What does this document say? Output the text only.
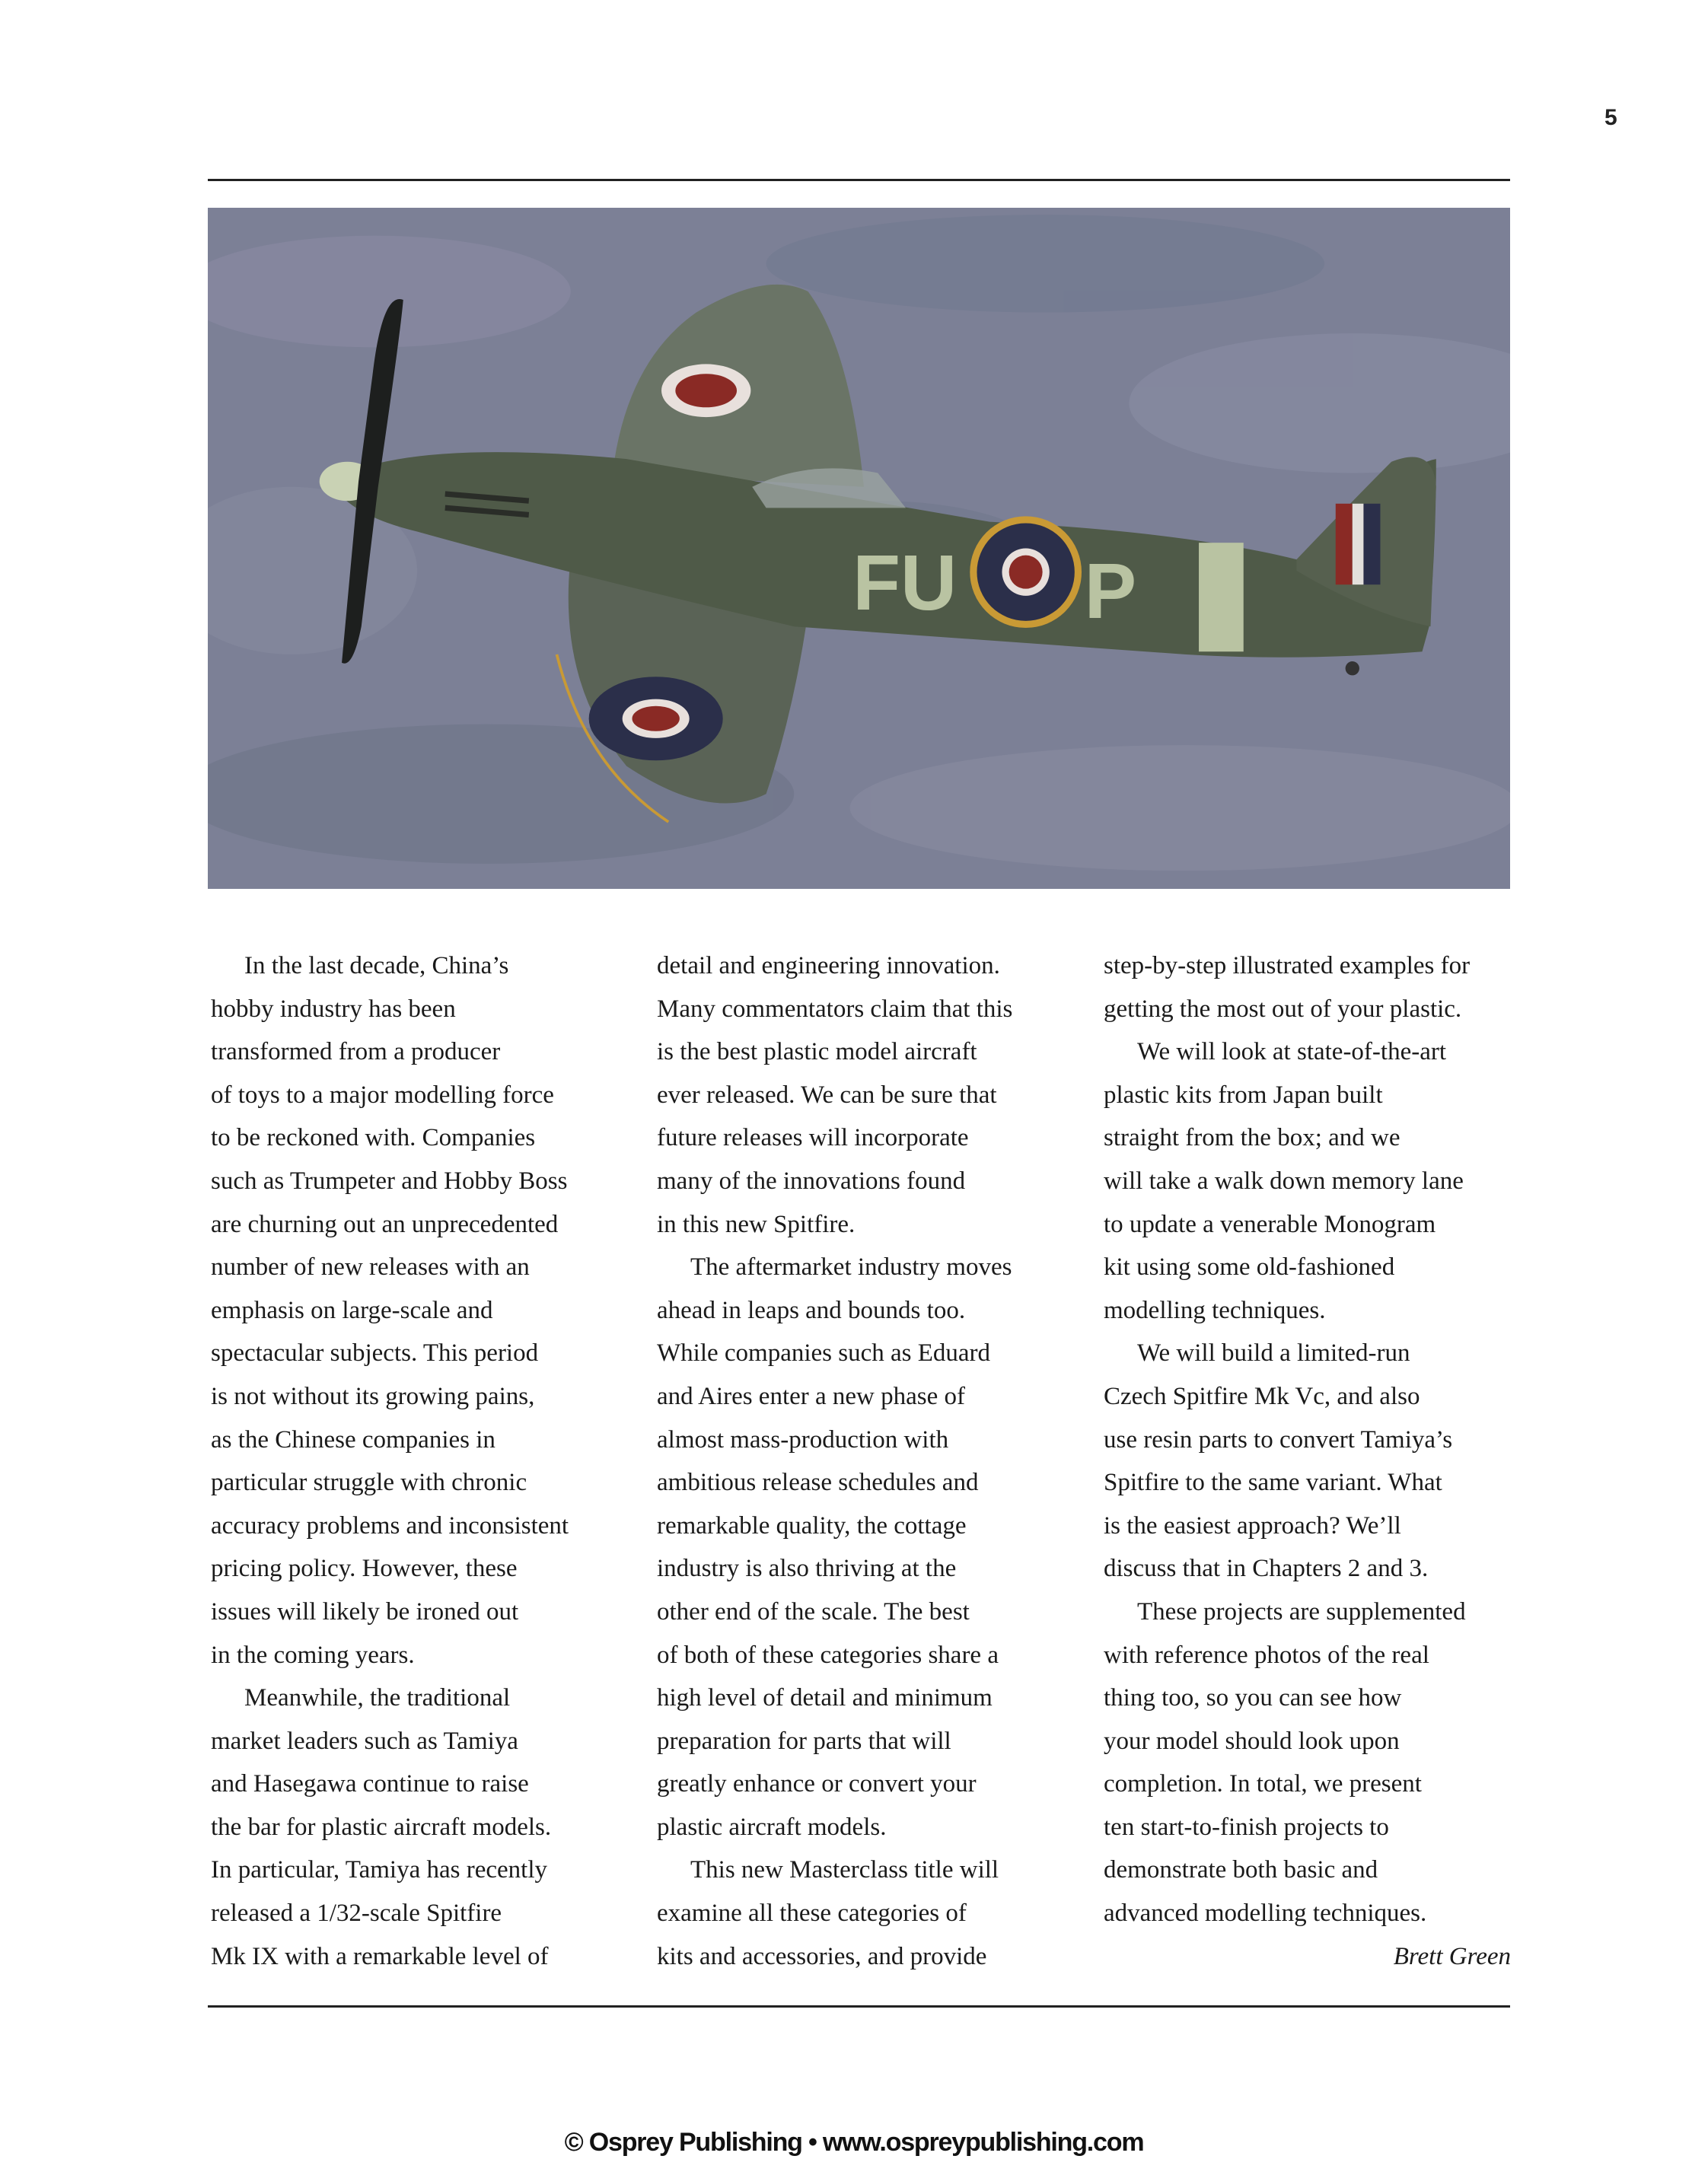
5
FU	P
In the last decade, China’s
hobby industry has been
transformed from a producer
of toys to a major modelling force
to be reckoned with. Companies
such as Trumpeter and Hobby Boss
are churning out an unprecedented
number of new releases with an
emphasis on large-scale and
spectacular subjects. This period
is not without its growing pains,
as the Chinese companies in
particular struggle with chronic
accuracy problems and inconsistent
pricing policy. However, these
issues will likely be ironed out
in the coming years.
Meanwhile, the traditional
market leaders such as Tamiya
and Hasegawa continue to raise
the bar for plastic aircraft models.
In particular, Tamiya has recently
released a 1/32-scale Spitfire
Mk IX with a remarkable level of
detail and engineering innovation.
Many commentators claim that this
is the best plastic model aircraft
ever released. We can be sure that
future releases will incorporate
many of the innovations found
in this new Spitfire.
The aftermarket industry moves
ahead in leaps and bounds too.
While companies such as Eduard
and Aires enter a new phase of
almost mass-production with
ambitious release schedules and
remarkable quality, the cottage
industry is also thriving at the
other end of the scale. The best
of both of these categories share a
high level of detail and minimum
preparation for parts that will
greatly enhance or convert your
plastic aircraft models.
This new Masterclass title will
examine all these categories of
kits and accessories, and provide
step-by-step illustrated examples for
getting the most out of your plastic.
We will look at state-of-the-art
plastic kits from Japan built
straight from the box; and we
will take a walk down memory lane
to update a venerable Monogram
kit using some old-fashioned
modelling techniques.
We will build a limited-run
Czech Spitfire Mk Vc, and also
use resin parts to convert Tamiya’s
Spitfire to the same variant. What
is the easiest approach? We’ll
discuss that in Chapters 2 and 3.
These projects are supplemented
with reference photos of the real
thing too, so you can see how
your model should look upon
completion. In total, we present
ten start-to-finish projects to
demonstrate both basic and
advanced modelling techniques.
Brett Green
© Osprey Publishing • www.ospreypublishing.com
